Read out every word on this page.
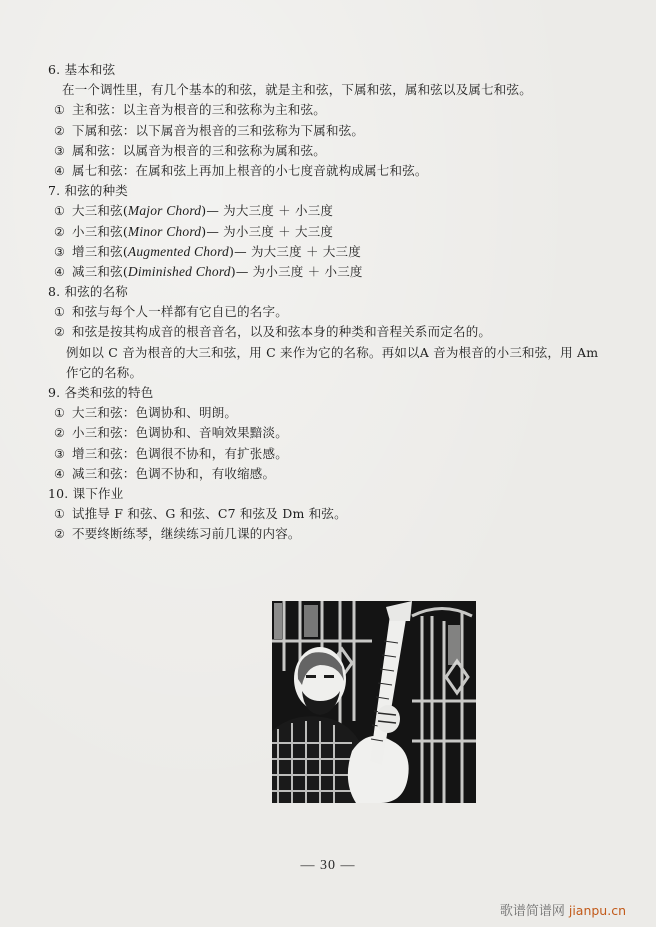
6. 基本和弦
在一个调性里，有几个基本的和弦，就是主和弦，下属和弦，属和弦以及属七和弦。
① 主和弦：以主音为根音的三和弦称为主和弦。
② 下属和弦：以下属音为根音的三和弦称为下属和弦。
③ 属和弦：以属音为根音的三和弦称为属和弦。
④ 属七和弦：在属和弦上再加上根音的小七度音就构成属七和弦。
7. 和弦的种类
① 大三和弦(Major Chord)— 为大三度 ＋ 小三度
② 小三和弦(Minor Chord)— 为小三度 ＋ 大三度
③ 增三和弦(Augmented Chord)— 为大三度 ＋ 大三度
④ 减三和弦(Diminished Chord)— 为小三度 ＋ 小三度
8. 和弦的名称
① 和弦与每个人一样都有它自已的名字。
② 和弦是按其构成音的根音音名，以及和弦本身的种类和音程关系而定名的。
例如以 C 音为根音的大三和弦，用 C 来作为它的名称。再如以A 音为根音的小三和弦，用 Am
作它的名称。
9. 各类和弦的特色
① 大三和弦：色调协和、明朗。
② 小三和弦：色调协和、音响效果黯淡。
③ 增三和弦：色调很不协和，有扩张感。
④ 减三和弦：色调不协和，有收缩感。
10. 课下作业
① 试推导 F 和弦、G 和弦、C7 和弦及 Dm 和弦。
② 不要终断练琴，继续练习前几课的内容。
— 30 —
歌谱简谱网 jianpu.cn
